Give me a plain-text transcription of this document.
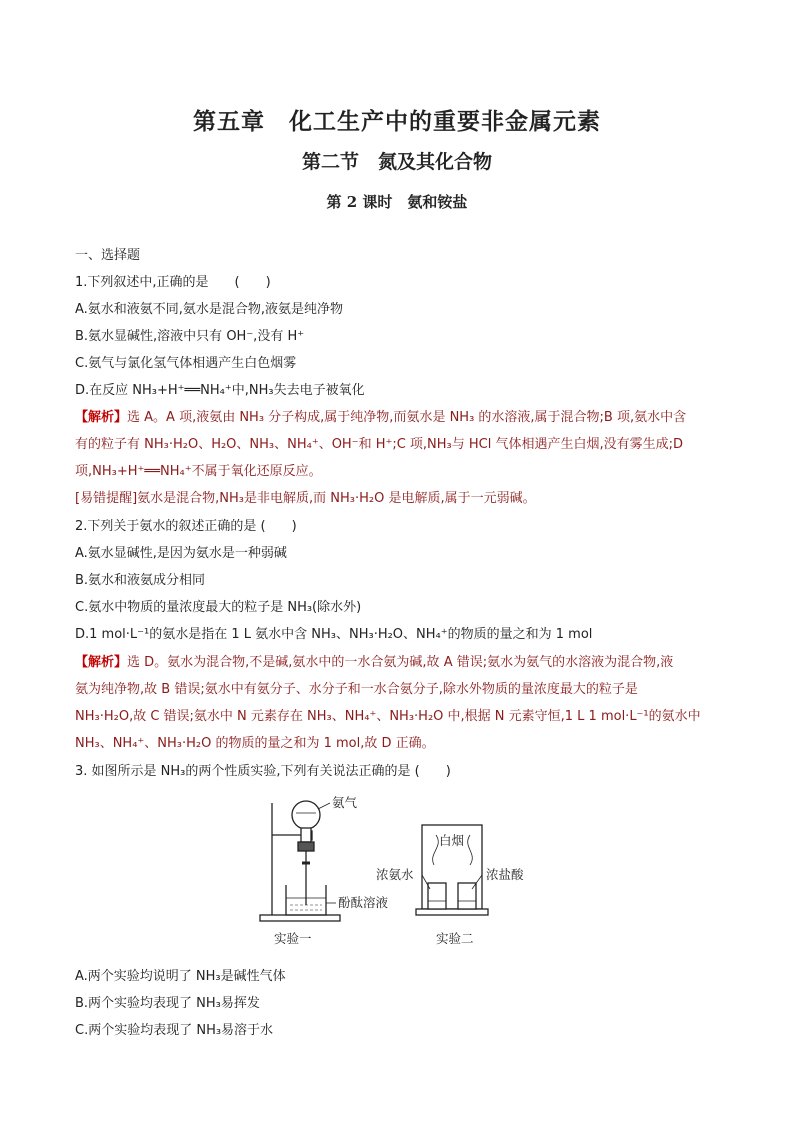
第五章　化工生产中的重要非金属元素
第二节　氮及其化合物
第 2 课时　氨和铵盐
一、选择题
1.下列叙述中,正确的是　　(　　)
A.氨水和液氨不同,氨水是混合物,液氨是纯净物
B.氨水显碱性,溶液中只有 OH⁻,没有 H⁺
C.氨气与氯化氢气体相遇产生白色烟雾
D.在反应 NH₃+H⁺══NH₄⁺中,NH₃失去电子被氧化
【解析】选 A。A 项,液氨由 NH₃ 分子构成,属于纯净物,而氨水是 NH₃ 的水溶液,属于混合物;B 项,氨水中含
有的粒子有 NH₃·H₂O、H₂O、NH₃、NH₄⁺、OH⁻和 H⁺;C 项,NH₃与 HCl 气体相遇产生白烟,没有雾生成;D
项,NH₃+H⁺══NH₄⁺不属于氧化还原反应。
[易错提醒]氨水是混合物,NH₃是非电解质,而 NH₃·H₂O 是电解质,属于一元弱碱。
2.下列关于氨水的叙述正确的是 (　　)
A.氨水显碱性,是因为氨水是一种弱碱
B.氨水和液氨成分相同
C.氨水中物质的量浓度最大的粒子是 NH₃(除水外)
D.1 mol·L⁻¹的氨水是指在 1 L 氨水中含 NH₃、NH₃·H₂O、NH₄⁺的物质的量之和为 1 mol
【解析】选 D。氨水为混合物,不是碱,氨水中的一水合氨为碱,故 A 错误;氨水为氨气的水溶液为混合物,液
氨为纯净物,故 B 错误;氨水中有氨分子、水分子和一水合氨分子,除水外物质的量浓度最大的粒子是
NH₃·H₂O,故 C 错误;氨水中 N 元素存在 NH₃、NH₄⁺、NH₃·H₂O 中,根据 N 元素守恒,1 L 1 mol·L⁻¹的氨水中
NH₃、NH₄⁺、NH₃·H₂O 的物质的量之和为 1 mol,故 D 正确。
3. 如图所示是 NH₃的两个性质实验,下列有关说法正确的是 (　　)
氨气
酚酞溶液
实验一
白烟
浓氨水	浓盐酸
实验二
A.两个实验均说明了 NH₃是碱性气体
B.两个实验均表现了 NH₃易挥发
C.两个实验均表现了 NH₃易溶于水
